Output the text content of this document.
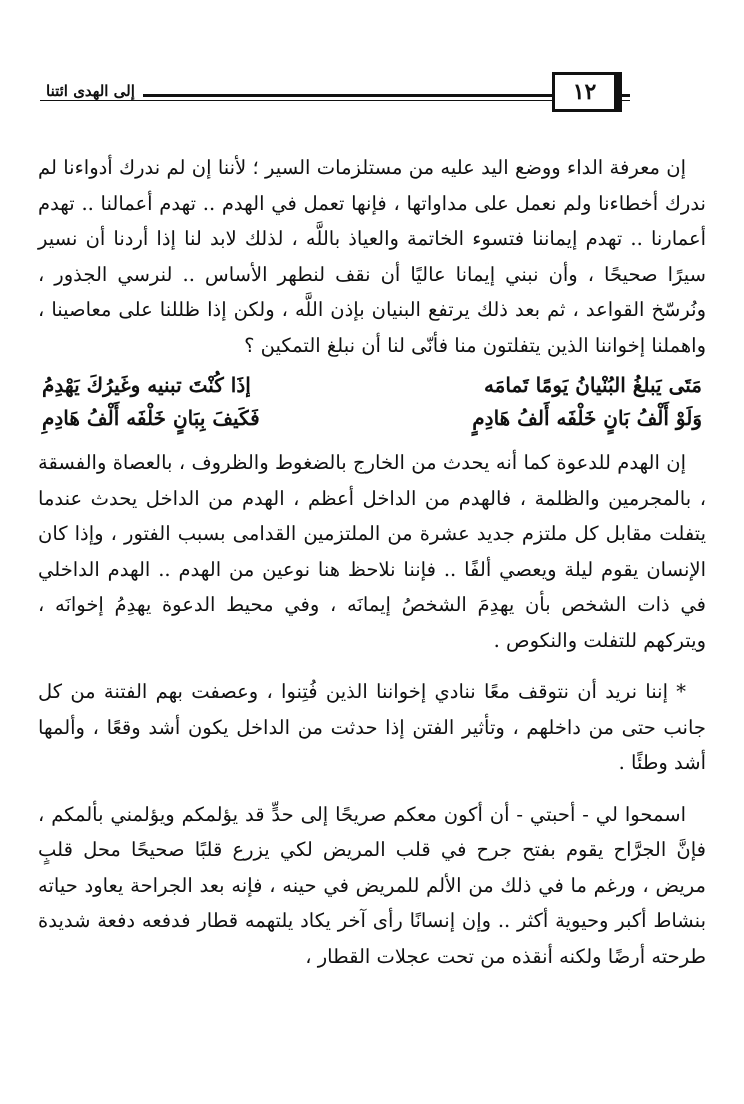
١٢
إلى الهدى ائتنا

إن معرفة الداء ووضع اليد عليه من مستلزمات السير ؛ لأننا إن لم ندرك أدواءنا لم ندرك أخطاءنا ولم نعمل على مداواتها ، فإنها تعمل في الهدم .. تهدم أعمالنا .. تهدم أعمارنا .. تهدم إيماننا فتسوء الخاتمة والعياذ باللَّه ، لذلك لابد لنا إذا أردنا أن نسير سيرًا صحيحًا ، وأن نبني إيمانا عاليًا أن نقف لنطهر الأساس .. لنرسي الجذور ، ونُرسّخ القواعد ، ثم بعد ذلك يرتفع البنيان بإذن اللَّه ، ولكن إذا ظللنا على معاصينا ، واهملنا إخواننا الذين يتفلتون منا فأنّى لنا أن نبلغ التمكين ؟

مَتَى يَبلغُ البُنْيانُ يَومًا تَمامَه
إذَا كُنْتَ تبنيه وغَيرُكَ يَهْدِمُ
وَلَوْ أَلْفُ بَانٍ خَلْفَه أَلفُ هَادِمٍ
فَكَيفَ بِبَانٍ خَلْفَه أَلْفُ هَادِمِ

إن الهدم للدعوة كما أنه يحدث من الخارج بالضغوط والظروف ، بالعصاة والفسقة ، بالمجرمين والظلمة ، فالهدم من الداخل أعظم ، الهدم من الداخل يحدث عندما يتفلت مقابل كل ملتزم جديد عشرة من الملتزمين القدامى بسبب الفتور ، وإذا كان الإنسان يقوم ليلة ويعصي ألفًا .. فإننا نلاحظ هنا نوعين من الهدم .. الهدم الداخلي في ذات الشخص بأن يهدِمَ الشخصُ إيمانَه ، وفي محيط الدعوة يهدِمُ إخوانَه ، ويتركهم للتفلت والنكوص .

* إننا نريد أن نتوقف معًا ننادي إخواننا الذين فُتِنوا ، وعصفت بهم الفتنة من كل جانب حتى من داخلهم ، وتأثير الفتن إذا حدثت من الداخل يكون أشد وقعًا ، وألمها أشد وطئًا .

اسمحوا لي - أحبتي - أن أكون معكم صريحًا إلى حدٍّ قد يؤلمكم ويؤلمني بألمكم ، فإنَّ الجرَّاح يقوم بفتح جرح في قلب المريض لكي يزرع قلبًا صحيحًا محل قلبٍ مريض ، ورغم ما في ذلك من الألم للمريض في حينه ، فإنه بعد الجراحة يعاود حياته بنشاط أكبر وحيوية أكثر .. وإن إنسانًا رأى آخر يكاد يلتهمه قطار فدفعه دفعة شديدة طرحته أرضًا ولكنه أنقذه من تحت عجلات القطار ،
